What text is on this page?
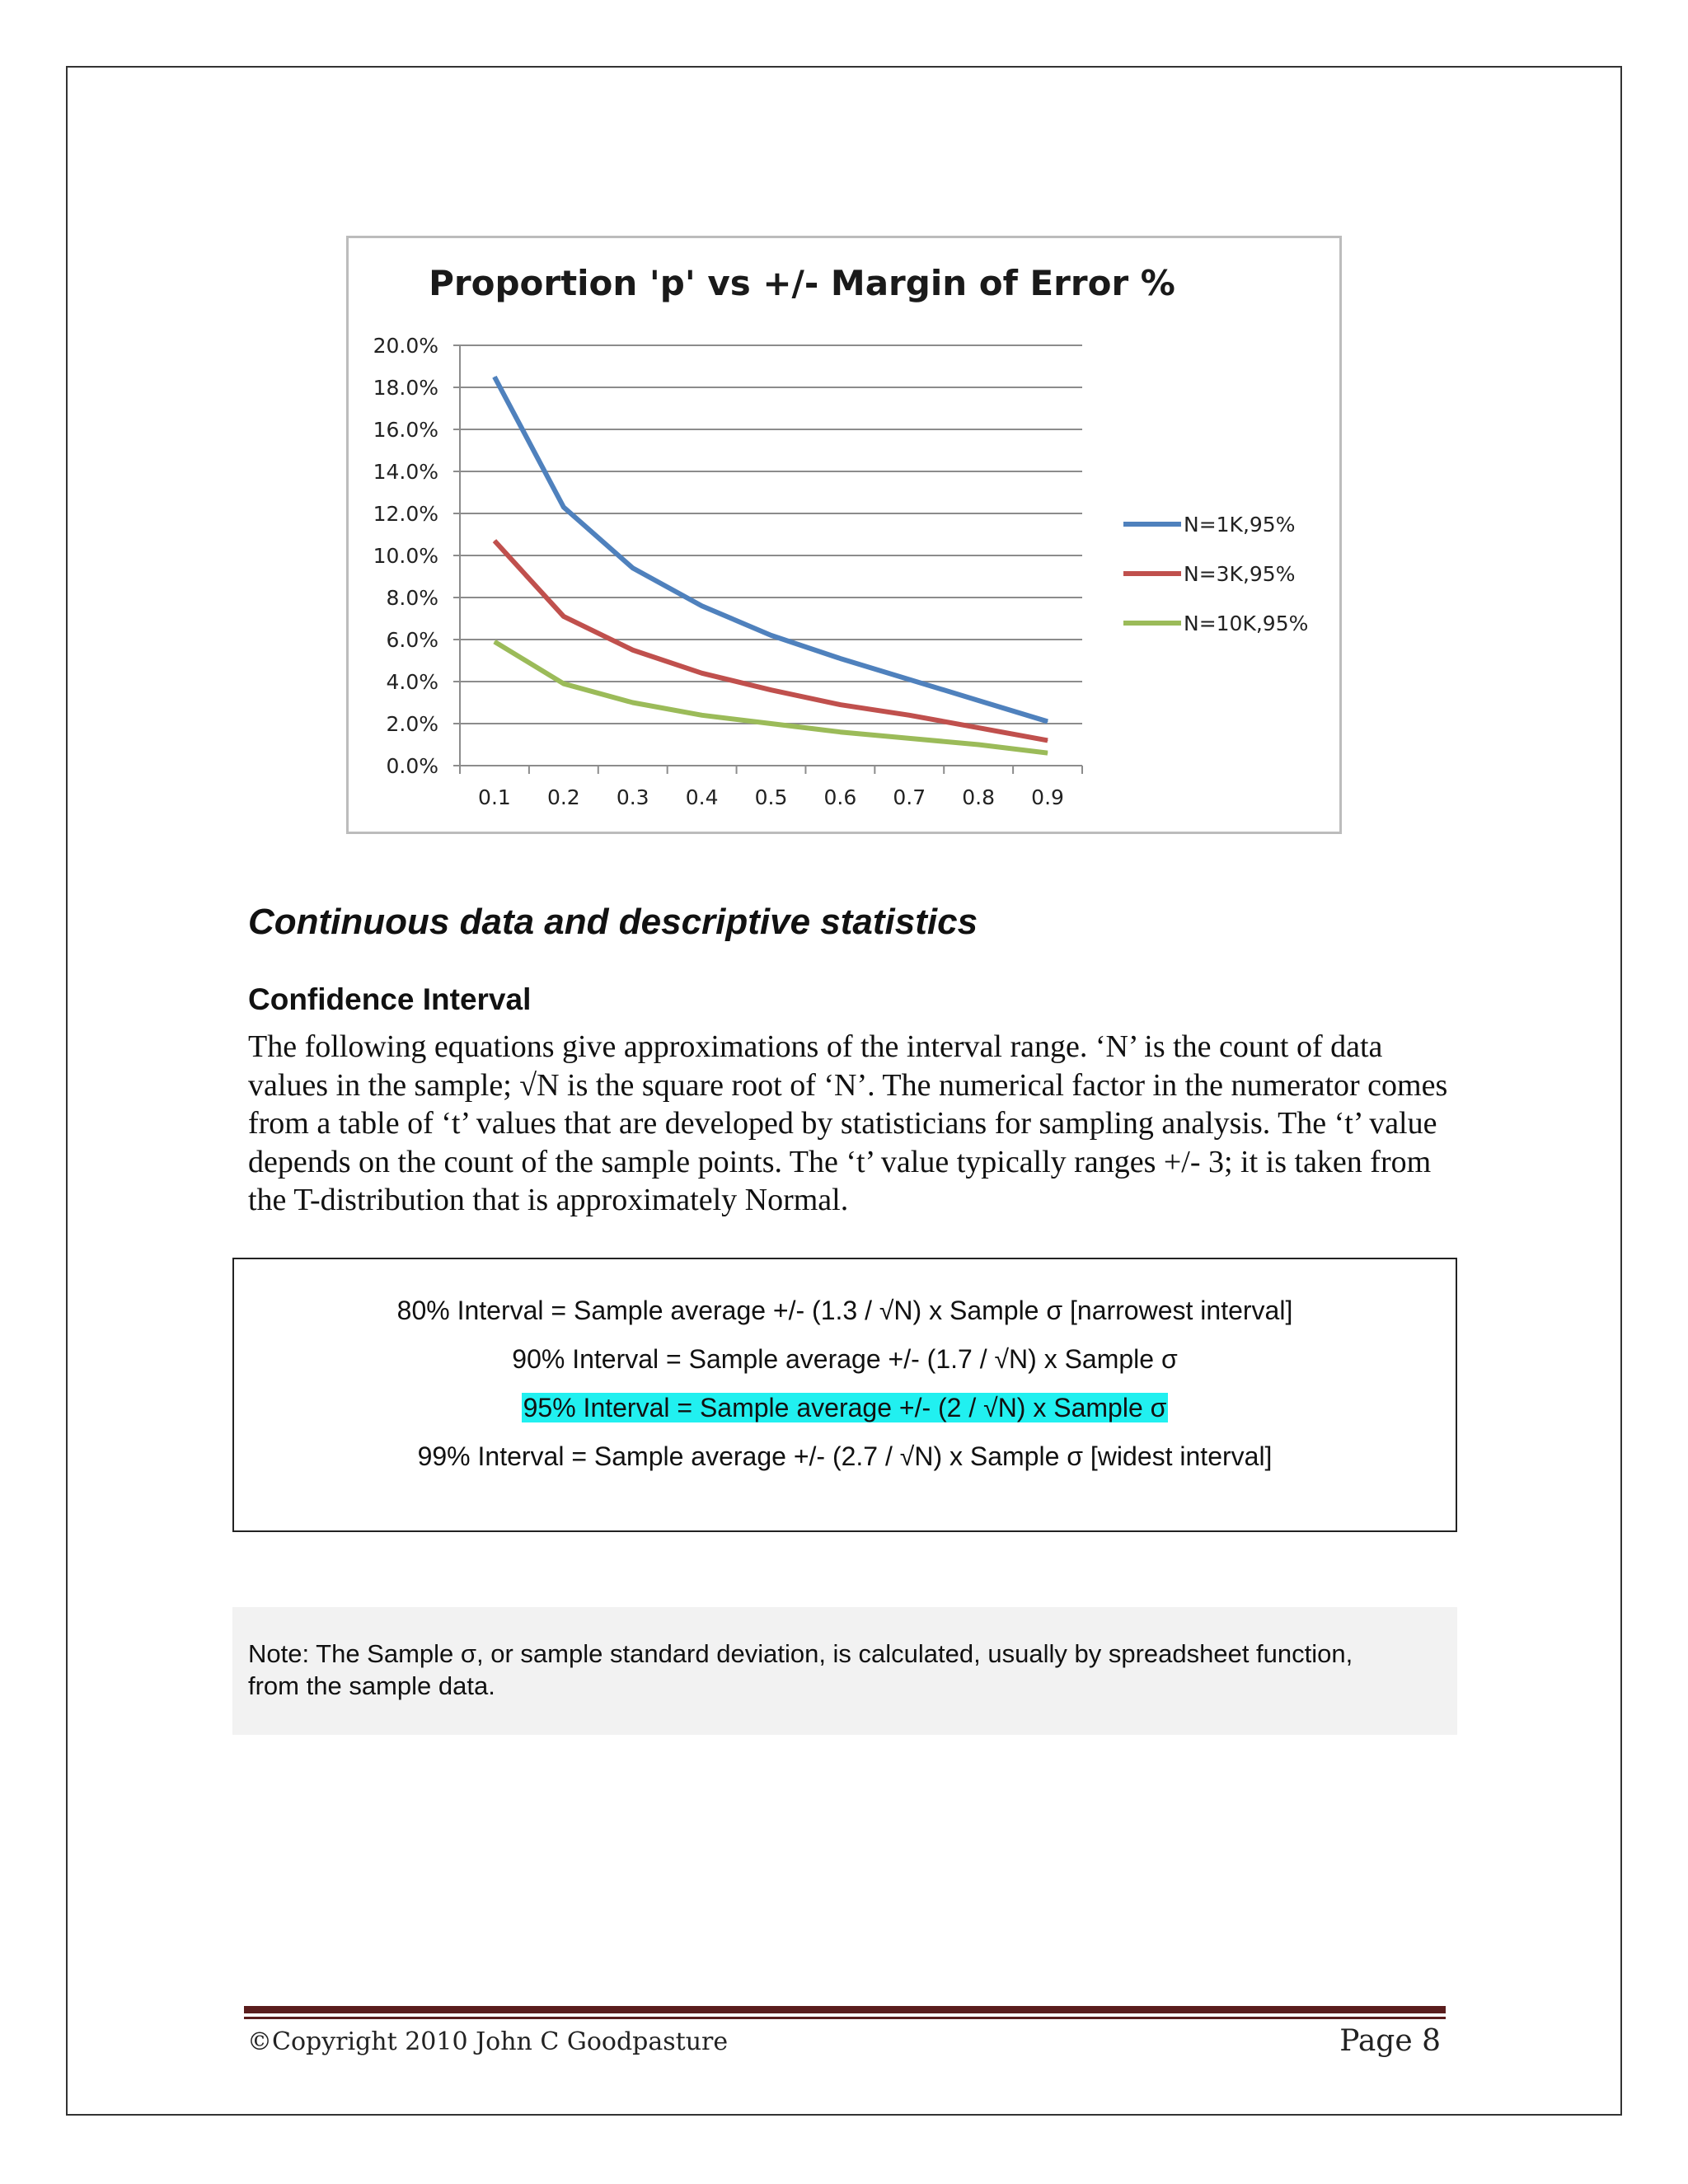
Proportion 'p' vs +/- Margin of Error %
0.0%
2.0%
4.0%
6.0%
8.0%
10.0%
12.0%
14.0%
16.0%
18.0%
20.0%
0.1 0.2 0.3 0.4 0.5 0.6 0.7 0.8 0.9
N=1K,95%
N=3K,95%
N=10K,95%
Continuous data and descriptive statistics
Confidence Interval

The following equations give approximations of the interval range. ‘N’ is the count of data values in the sample; √N is the square root of ‘N’. The numerical factor in the numerator comes from a table of ‘t’ values that are developed by statisticians for sampling analysis. The ‘t’ value depends on the count of the sample points. The ‘t’ value typically ranges +/- 3; it is taken from the T-distribution that is approximately Normal.

80% Interval = Sample average +/- (1.3 / √N) x Sample σ [narrowest interval]
90% Interval = Sample average +/- (1.7 / √N) x Sample σ
95% Interval = Sample average +/- (2 / √N) x Sample σ
99% Interval = Sample average +/- (2.7 / √N) x Sample σ [widest interval]

Note: The Sample σ, or sample standard deviation, is calculated, usually by spreadsheet function, from the sample data.

©Copyright 2010 John C Goodpasture	Page 8
